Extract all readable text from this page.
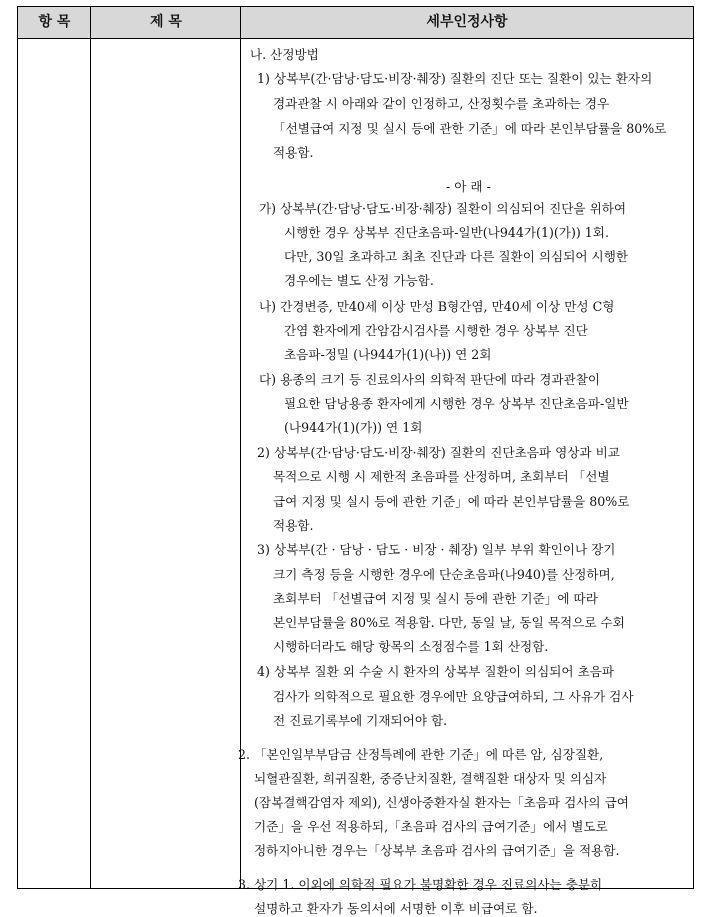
항 목	제 목	세부인정사항
나. 산정방법
1) 상복부(간·담낭·담도·비장·췌장) 질환의 진단 또는 질환이 있는 환자의
경과관찰 시 아래와 같이 인정하고, 산정횟수를 초과하는 경우
「선별급여 지정 및 실시 등에 관한 기준」에 따라 본인부담률을 80%로
적용함.
- 아 래 -
가) 상복부(간·담낭·담도·비장·췌장) 질환이 의심되어 진단을 위하여
시행한 경우 상복부 진단초음파-일반(나944가(1)(가)) 1회.
다만, 30일 초과하고 최초 진단과 다른 질환이 의심되어 시행한
경우에는 별도 산정 가능함.
나) 간경변증, 만40세 이상 만성 B형간염, 만40세 이상 만성 C형
간염 환자에게 간암감시검사를 시행한 경우 상복부 진단
초음파-정밀 (나944가(1)(나)) 연 2회
다) 용종의 크기 등 진료의사의 의학적 판단에 따라 경과관찰이
필요한 담낭용종 환자에게 시행한 경우 상복부 진단초음파-일반
(나944가(1)(가)) 연 1회
2) 상복부(간·담낭·담도·비장·췌장) 질환의 진단초음파 영상과 비교
목적으로 시행 시 제한적 초음파를 산정하며, 초회부터 「선별
급여 지정 및 실시 등에 관한 기준」에 따라 본인부담률을 80%로
적용함.
3) 상복부(간 · 담낭 · 담도 · 비장 · 췌장) 일부 부위 확인이나 장기
크기 측정 등을 시행한 경우에 단순초음파(나940)를 산정하며,
초회부터 「선별급여 지정 및 실시 등에 관한 기준」에 따라
본인부담률을 80%로 적용함. 다만, 동일 날, 동일 목적으로 수회
시행하더라도 해당 항목의 소정점수를 1회 산정함.
4) 상복부 질환 외 수술 시 환자의 상복부 질환이 의심되어 초음파
검사가 의학적으로 필요한 경우에만 요양급여하되, 그 사유가 검사
전 진료기록부에 기재되어야 함.
2. 「본인일부부담금 산정특례에 관한 기준」에 따른 암, 심장질환,
뇌혈관질환, 희귀질환, 중증난치질환, 결핵질환 대상자 및 의심자
(잠복결핵감염자 제외), 신생아중환자실 환자는「초음파 검사의 급여
기준」을 우선 적용하되,「초음파 검사의 급여기준」에서 별도로
정하지아니한 경우는「상복부 초음파 검사의 급여기준」을 적용함.
3. 상기 1. 이외에 의학적 필요가 불명확한 경우 진료의사는 충분히
설명하고 환자가 동의서에 서명한 이후 비급여로 함.
